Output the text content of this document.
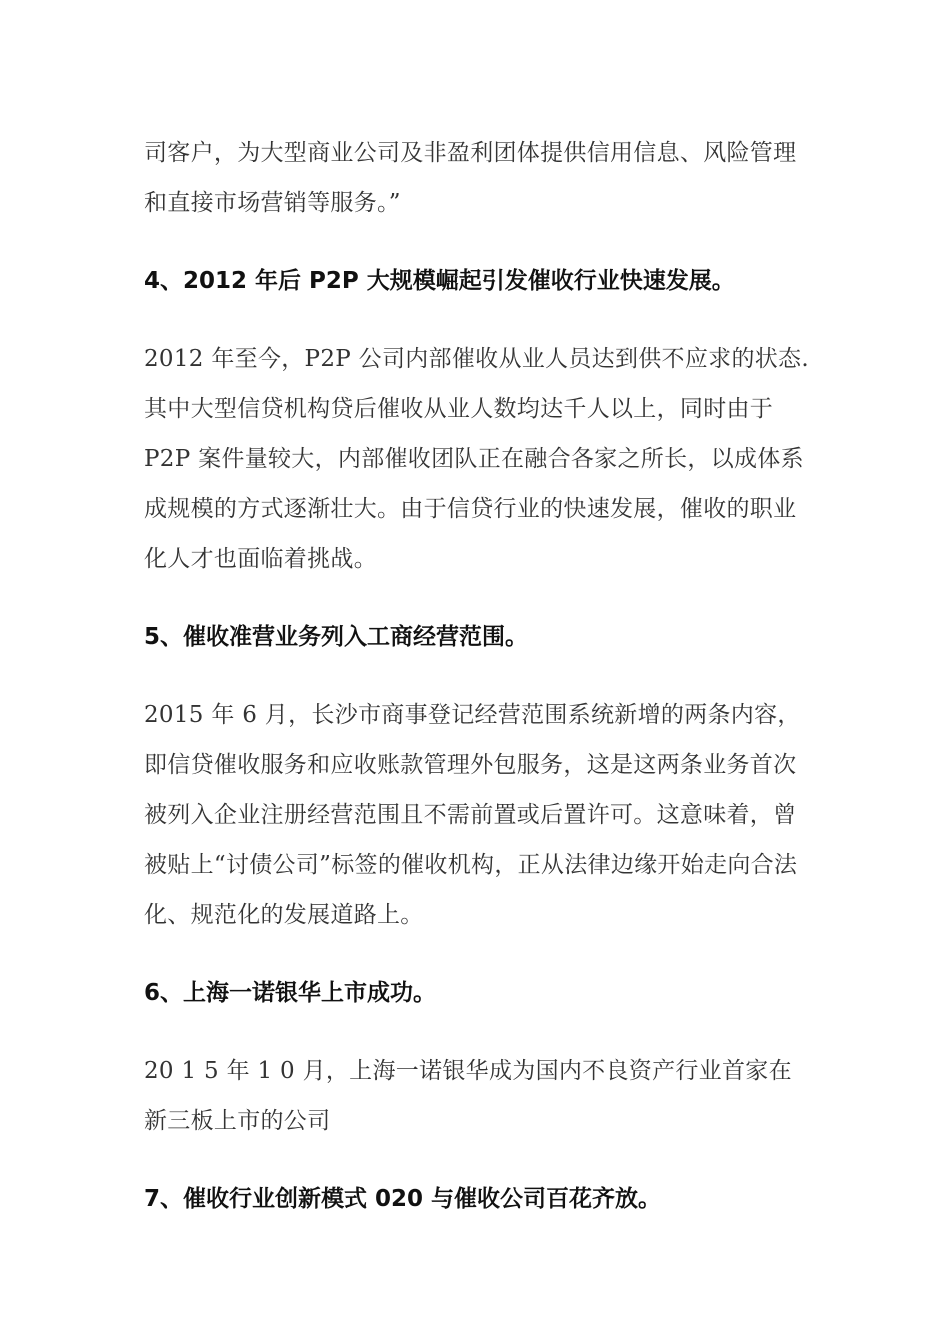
司客户，为大型商业公司及非盈利团体提供信用信息、风险管理和直接市场营销等服务。”

4、2012 年后 P2P 大规模崛起引发催收行业快速发展。

2012 年至今，P2P 公司内部催收从业人员达到供不应求的状态.其中大型信贷机构贷后催收从业人数均达千人以上，同时由于P2P 案件量较大，内部催收团队正在融合各家之所长，以成体系成规模的方式逐渐壮大。由于信贷行业的快速发展，催收的职业化人才也面临着挑战。

5、催收准营业务列入工商经营范围。

2015 年 6 月，长沙市商事登记经营范围系统新增的两条内容，即信贷催收服务和应收账款管理外包服务，这是这两条业务首次被列入企业注册经营范围且不需前置或后置许可。这意味着，曾被贴上“讨债公司”标签的催收机构，正从法律边缘开始走向合法化、规范化的发展道路上。

6、上海一诺银华上市成功。

20 1 5 年 1 0 月，上海一诺银华成为国内不良资产行业首家在新三板上市的公司

7、催收行业创新模式 020 与催收公司百花齐放。
